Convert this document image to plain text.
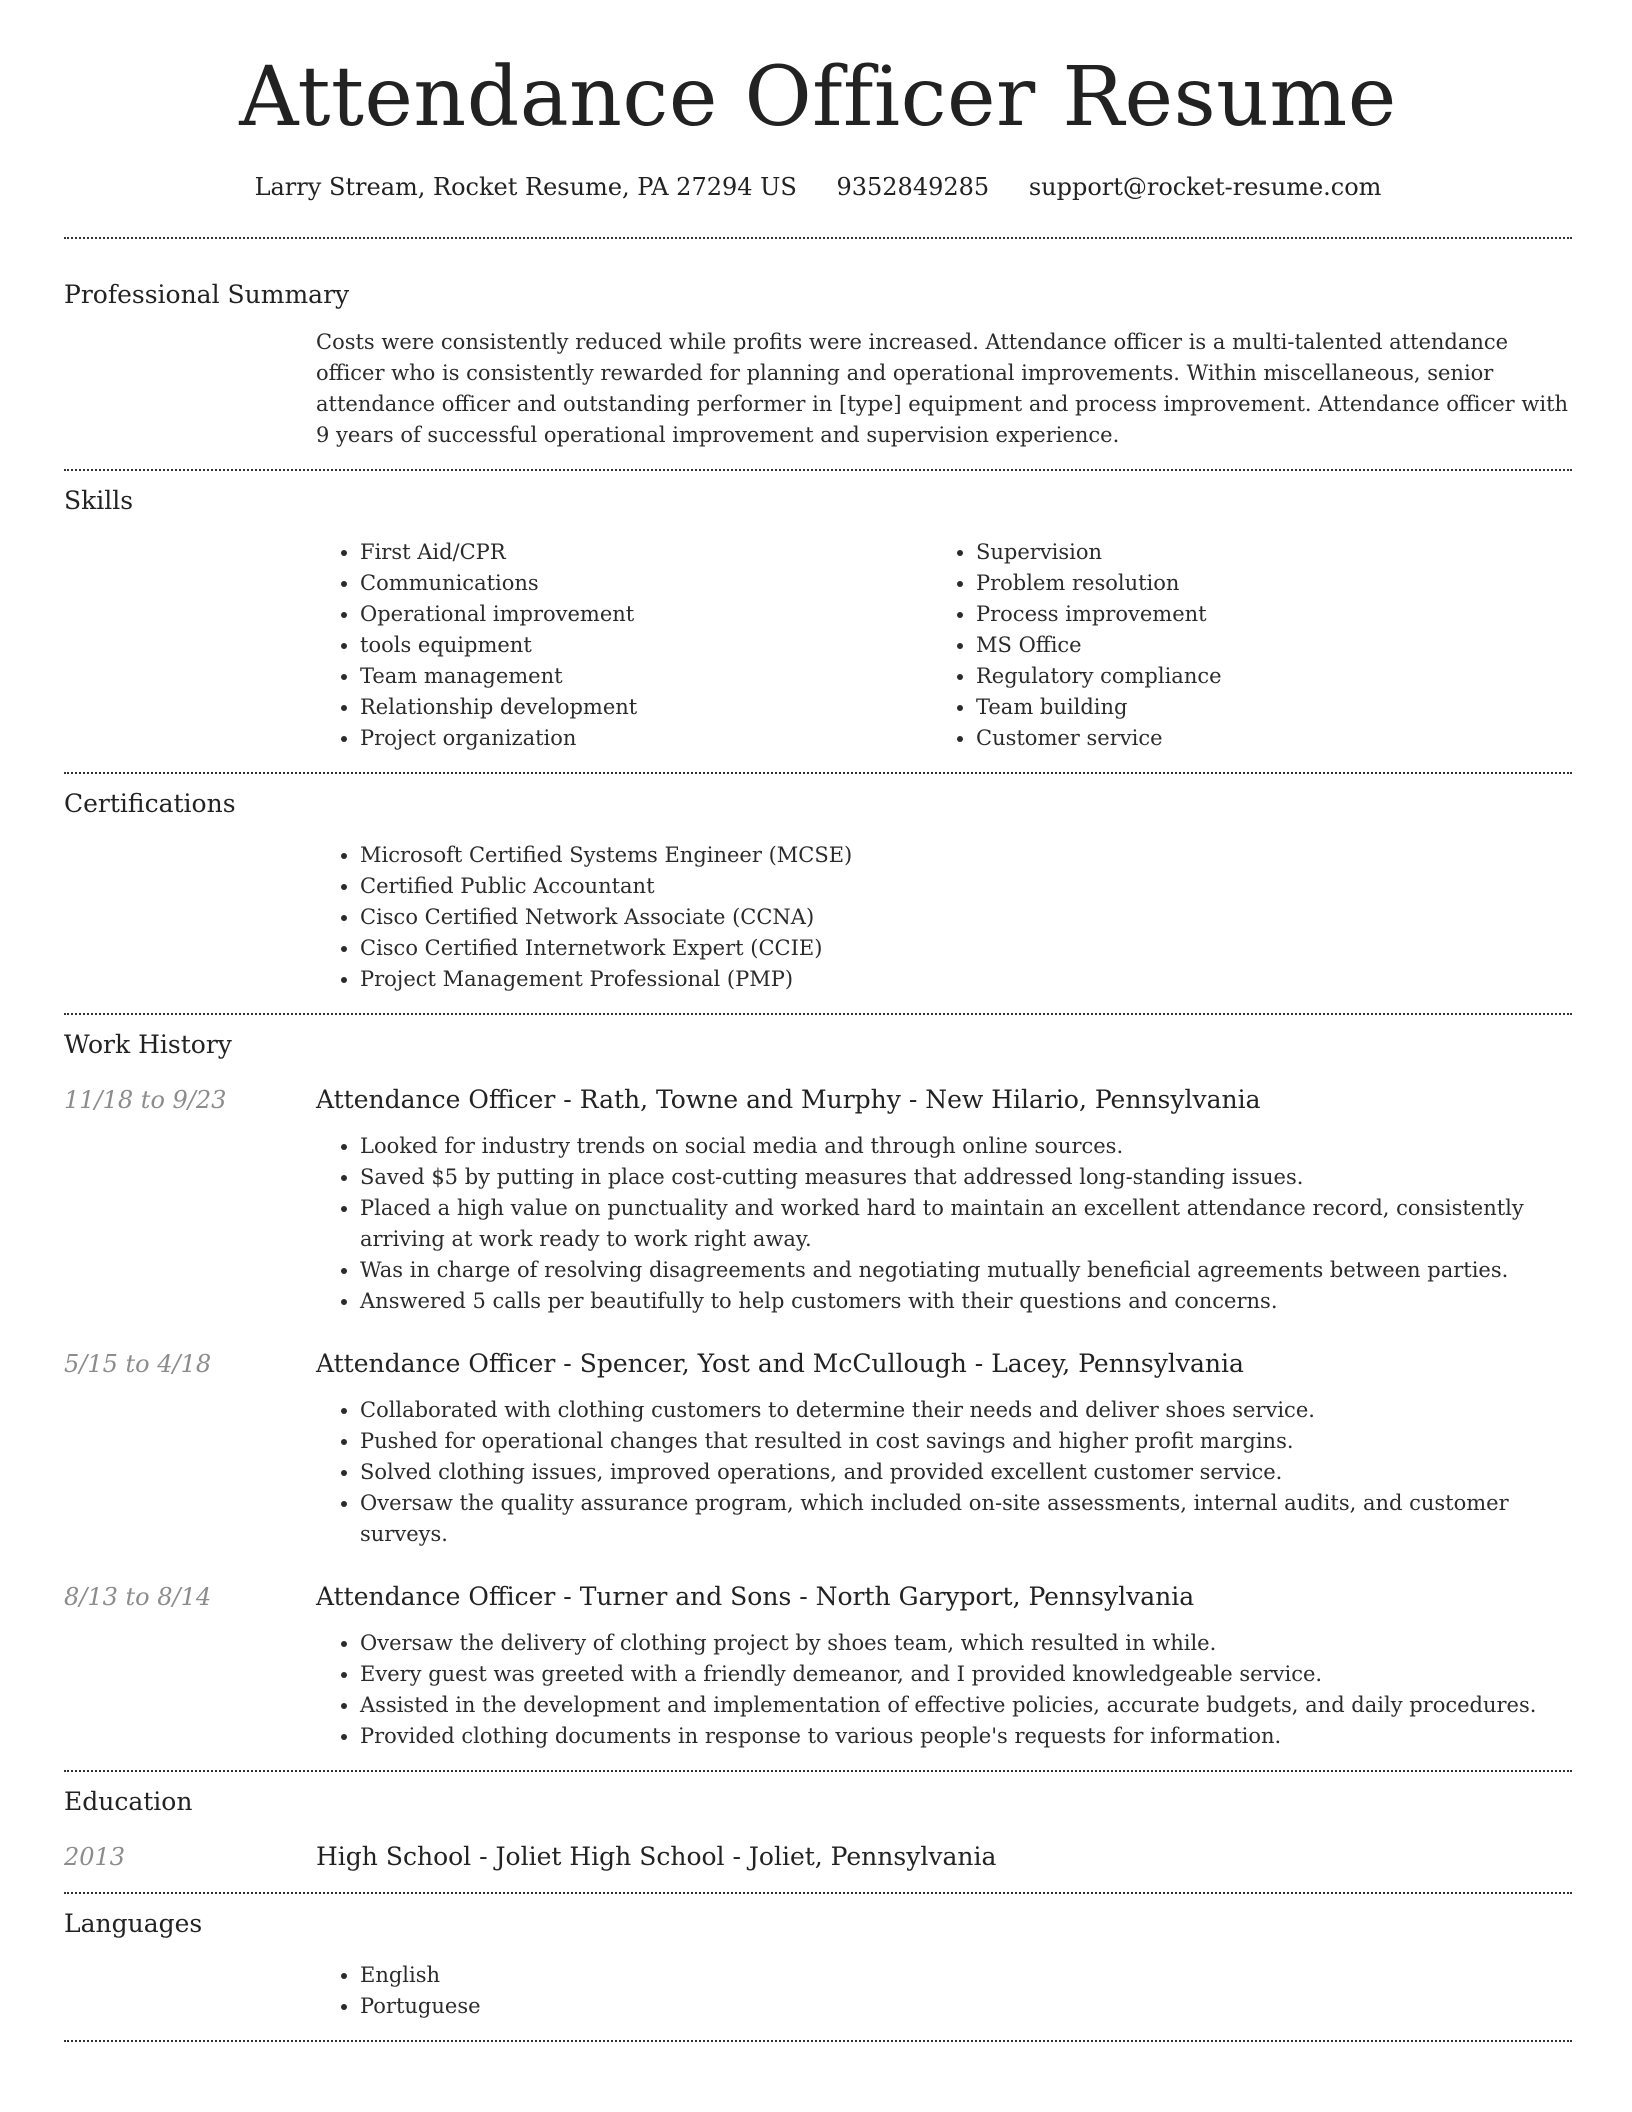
Attendance Officer Resume
Larry Stream, Rocket Resume, PA 27294 US 9352849285 support@rocket-resume.com
Professional Summary
Costs were consistently reduced while profits were increased. Attendance officer is a multi-talented attendance officer who is consistently rewarded for planning and operational improvements. Within miscellaneous, senior attendance officer and outstanding performer in [type] equipment and process improvement. Attendance officer with 9 years of successful operational improvement and supervision experience.
Skills
• First Aid/CPR
• Communications
• Operational improvement
• tools equipment
• Team management
• Relationship development
• Project organization
• Supervision
• Problem resolution
• Process improvement
• MS Office
• Regulatory compliance
• Team building
• Customer service
Certifications
• Microsoft Certified Systems Engineer (MCSE)
• Certified Public Accountant
• Cisco Certified Network Associate (CCNA)
• Cisco Certified Internetwork Expert (CCIE)
• Project Management Professional (PMP)
Work History
11/18 to 9/23	Attendance Officer - Rath, Towne and Murphy - New Hilario, Pennsylvania
• Looked for industry trends on social media and through online sources.
• Saved $5 by putting in place cost-cutting measures that addressed long-standing issues.
• Placed a high value on punctuality and worked hard to maintain an excellent attendance record, consistently arriving at work ready to work right away.
• Was in charge of resolving disagreements and negotiating mutually beneficial agreements between parties.
• Answered 5 calls per beautifully to help customers with their questions and concerns.
5/15 to 4/18	Attendance Officer - Spencer, Yost and McCullough - Lacey, Pennsylvania
• Collaborated with clothing customers to determine their needs and deliver shoes service.
• Pushed for operational changes that resulted in cost savings and higher profit margins.
• Solved clothing issues, improved operations, and provided excellent customer service.
• Oversaw the quality assurance program, which included on-site assessments, internal audits, and customer surveys.
8/13 to 8/14	Attendance Officer - Turner and Sons - North Garyport, Pennsylvania
• Oversaw the delivery of clothing project by shoes team, which resulted in while.
• Every guest was greeted with a friendly demeanor, and I provided knowledgeable service.
• Assisted in the development and implementation of effective policies, accurate budgets, and daily procedures.
• Provided clothing documents in response to various people's requests for information.
Education
2013	High School - Joliet High School - Joliet, Pennsylvania
Languages
• English
• Portuguese
